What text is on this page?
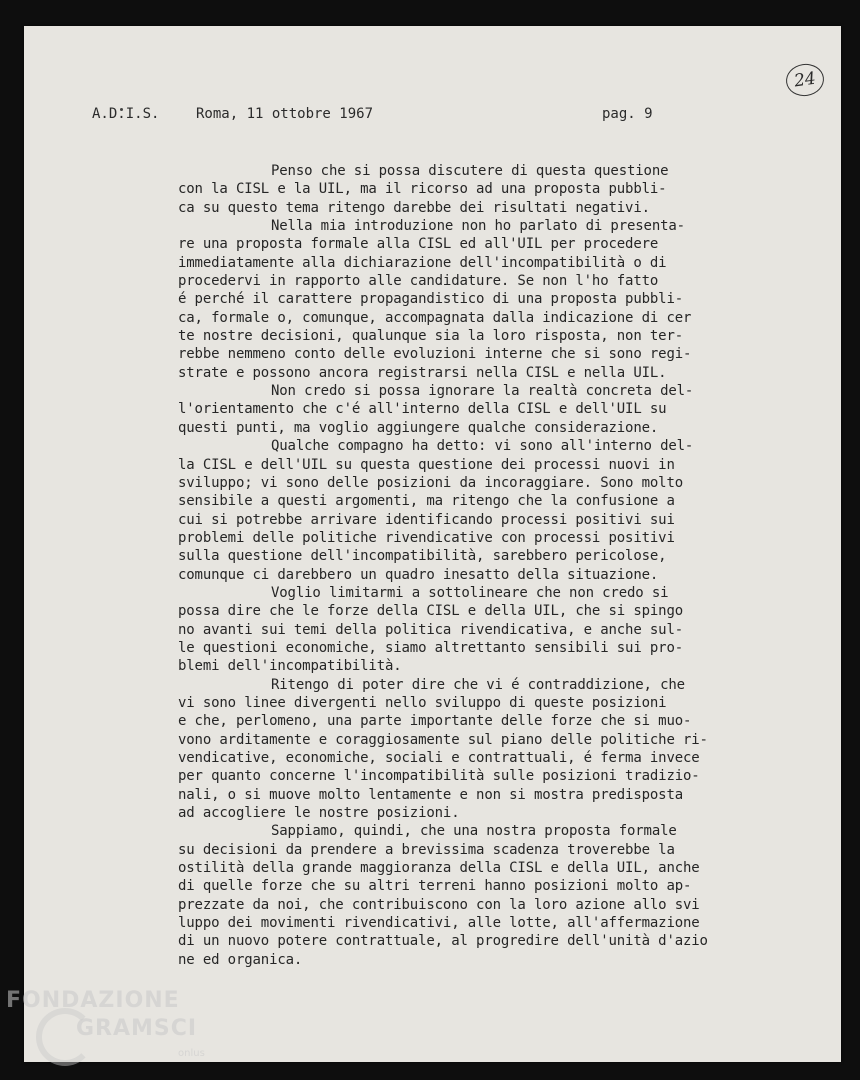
24

A.D.I.S.

	Roma, 11 ottobre 1967

	pag. 9

Penso che si possa discutere di questa questione
con la CISL e la UIL, ma il ricorso ad una proposta pubbli-
ca su questo tema ritengo darebbe dei risultati negativi.
Nella mia introduzione non ho parlato di presenta-
re una proposta formale alla CISL ed all'UIL per procedere
immediatamente alla dichiarazione dell'incompatibilità o di
procedervi in rapporto alle candidature. Se non l'ho fatto
é perché il carattere propagandistico di una proposta pubbli-
ca, formale o, comunque, accompagnata dalla indicazione di cer
te nostre decisioni, qualunque sia la loro risposta, non ter-
rebbe nemmeno conto delle evoluzioni interne che si sono regi-
strate e possono ancora registrarsi nella CISL e nella UIL.
Non credo si possa ignorare la realtà concreta del-
l'orientamento che c'é all'interno della CISL e dell'UIL su
questi punti, ma voglio aggiungere qualche considerazione.
Qualche compagno ha detto: vi sono all'interno del-
la CISL e dell'UIL su questa questione dei processi nuovi in
sviluppo; vi sono delle posizioni da incoraggiare. Sono molto
sensibile a questi argomenti, ma ritengo che la confusione a
cui si potrebbe arrivare identificando processi positivi sui
problemi delle politiche rivendicative con processi positivi
sulla questione dell'incompatibilità, sarebbero pericolose,
comunque ci darebbero un quadro inesatto della situazione.
Voglio limitarmi a sottolineare che non credo si
possa dire che le forze della CISL e della UIL, che si spingo
no avanti sui temi della politica rivendicativa, e anche sul-
le questioni economiche, siamo altrettanto sensibili sui pro-
blemi dell'incompatibilità.
Ritengo di poter dire che vi é contraddizione, che
vi sono linee divergenti nello sviluppo di queste posizioni
e che, perlomeno, una parte importante delle forze che si muo-
vono arditamente e coraggiosamente sul piano delle politiche ri-
vendicative, economiche, sociali e contrattuali, é ferma invece
per quanto concerne l'incompatibilità sulle posizioni tradizio-
nali, o si muove molto lentamente e non si mostra predisposta
ad accogliere le nostre posizioni.
Sappiamo, quindi, che una nostra proposta formale
su decisioni da prendere a brevissima scadenza troverebbe la
ostilità della grande maggioranza della CISL e della UIL, anche
di quelle forze che su altri terreni hanno posizioni molto ap-
prezzate da noi, che contribuiscono con la loro azione allo svi
luppo dei movimenti rivendicativi, alle lotte, all'affermazione
di un nuovo potere contrattuale, al progredire dell'unità d'azio
ne ed organica.
FONDAZIONE
GRAMSCI
onlus
